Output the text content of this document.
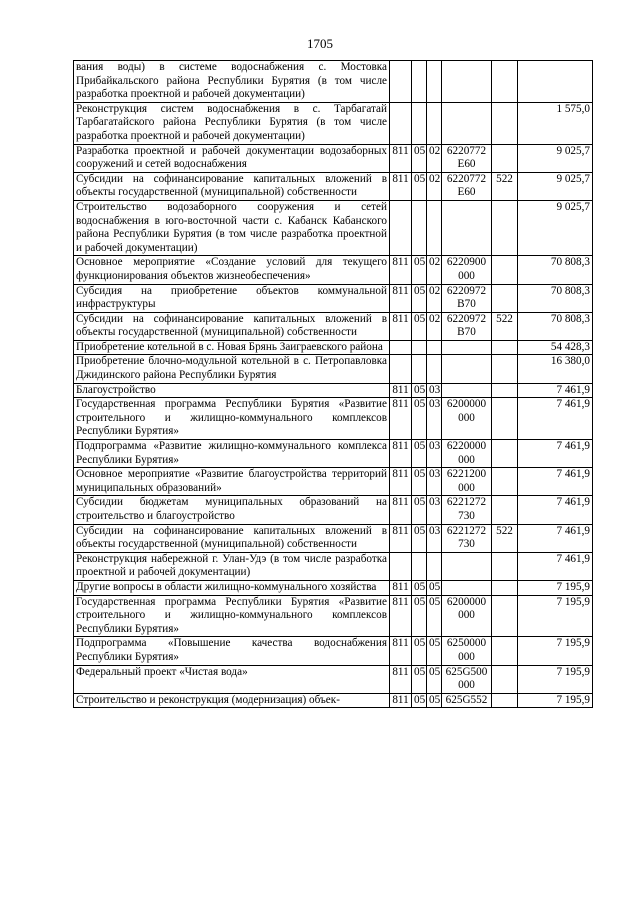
1705
вания воды) в системе водоснабжения с. Мостовка Прибайкальского района Республики Бурятия (в том числе разработка проектной и рабочей документации)						
Реконструкция систем водоснабжения в с. Тарбагатай Тарбагатайского района Республики Бурятия (в том числе разработка проектной и рабочей документации)						1 575,0
Разработка проектной и рабочей документации водозаборных сооружений и сетей водоснабжения	811	05	02	6220772 Е60		9 025,7
Субсидии на софинансирование капитальных вложений в объекты государственной (муниципальной) собственности	811	05	02	6220772 Е60	522	9 025,7
Строительство водозаборного сооружения и сетей водоснабжения в юго-восточной части с. Кабанск Кабанского района Республики Бурятия (в том числе разработка проектной и рабочей документации)						9 025,7
Основное мероприятие «Создание условий для текущего функционирования объектов жизнеобеспечения»	811	05	02	6220900 000		70 808,3
Субсидия на приобретение объектов коммунальной инфраструктуры	811	05	02	6220972 В70		70 808,3
Субсидии на софинансирование капитальных вложений в объекты государственной (муниципальной) собственности	811	05	02	6220972 В70	522	70 808,3
Приобретение котельной в с. Новая Брянь Заиграевского района						54 428,3
Приобретение блочно-модульной котельной в с. Петропавловка Джидинского района Республики Бурятия						16 380,0
Благоустройство	811	05	03			7 461,9
Государственная программа Республики Бурятия «Развитие строительного и жилищно-коммунального комплексов Республики Бурятия»	811	05	03	6200000 000		7 461,9
Подпрограмма «Развитие жилищно-коммунального комплекса Республики Бурятия»	811	05	03	6220000 000		7 461,9
Основное мероприятие «Развитие благоустройства территорий муниципальных образований»	811	05	03	6221200 000		7 461,9
Субсидии бюджетам муниципальных образований на строительство и благоустройство	811	05	03	6221272 730		7 461,9
Субсидии на софинансирование капитальных вложений в объекты государственной (муниципальной) собственности	811	05	03	6221272 730	522	7 461,9
Реконструкция набережной г. Улан-Удэ (в том числе разработка проектной и рабочей документации)						7 461,9
Другие вопросы в области жилищно-коммунального хозяйства	811	05	05			7 195,9
Государственная программа Республики Бурятия «Развитие строительного и жилищно-коммунального комплексов Республики Бурятия»	811	05	05	6200000 000		7 195,9
Подпрограмма «Повышение качества водоснабжения Республики Бурятия»	811	05	05	6250000 000		7 195,9
Федеральный проект «Чистая вода»	811	05	05	625G500 000		7 195,9
Строительство и реконструкция (модернизация) объек-	811	05	05	625G552		7 195,9
